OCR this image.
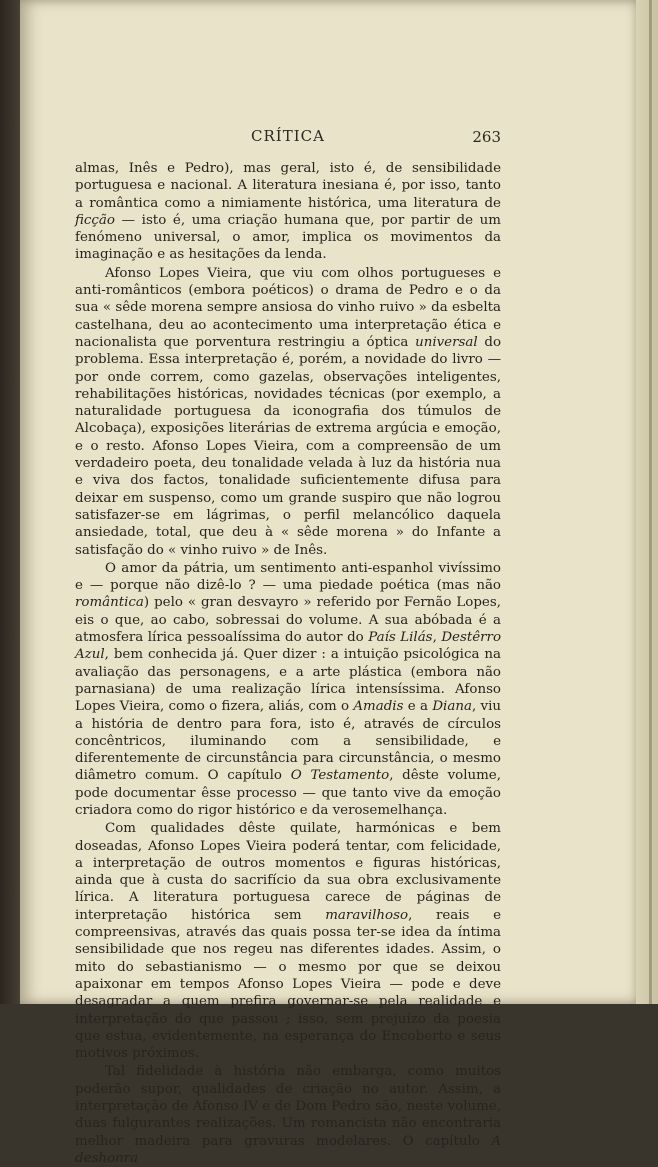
CRÍTICA	263

almas, Inês e Pedro), mas geral, isto é, de sensibilidade portuguesa e nacional. A literatura inesiana é, por isso, tanto a romântica como a nimiamente histórica, uma literatura de ficção — isto é, uma criação humana que, por partir de um fenómeno universal, o amor, implica os movimentos da imaginação e as hesitações da lenda.

Afonso Lopes Vieira, que viu com olhos portugueses e anti-românticos (embora poéticos) o drama de Pedro e o da sua « sêde morena sempre ansiosa do vinho ruivo » da esbelta castelhana, deu ao acontecimento uma interpretação ética e nacionalista que porventura restringiu a óptica universal do problema. Essa interpretação é, porém, a novidade do livro — por onde correm, como gazelas, observações inteligentes, rehabilitações históricas, novidades técnicas (por exemplo, a naturalidade portuguesa da iconografia dos túmulos de Alcobaça), exposições literárias de extrema argúcia e emoção, e o resto. Afonso Lopes Vieira, com a compreensão de um verdadeiro poeta, deu tonalidade velada à luz da história nua e viva dos factos, tonalidade suficientemente difusa para deixar em suspenso, como um grande suspiro que não logrou satisfazer-se em lágrimas, o perfil melancólico daquela ansiedade, total, que deu à « sêde morena » do Infante a satisfação do « vinho ruivo » de Inês.

O amor da pátria, um sentimento anti-espanhol vivíssimo e — porque não dizê-lo ? — uma piedade poética (mas não romântica) pelo « gran desvayro » referido por Fernão Lopes, eis o que, ao cabo, sobressai do volume. A sua abóbada é a atmosfera lírica pessoalíssima do autor do País Lilás, Destêrro Azul, bem conhecida já. Quer dizer : a intuição psicológica na avaliação das personagens, e a arte plástica (embora não parnasiana) de uma realização lírica intensíssima. Afonso Lopes Vieira, como o fizera, aliás, com o Amadis e a Diana, viu a história de dentro para fora, isto é, através de círculos concêntricos, iluminando com a sensibilidade, e diferentemente de circunstância para circunstância, o mesmo diâmetro comum. O capítulo O Testamento, dêste volume, pode documentar êsse processo — que tanto vive da emoção criadora como do rigor histórico e da verosemelhança.

Com qualidades dêste quilate, harmónicas e bem doseadas, Afonso Lopes Vieira poderá tentar, com felicidade, a interpretação de outros momentos e figuras históricas, ainda que à custa do sacrifício da sua obra exclusivamente lírica. A literatura portuguesa carece de páginas de interpretação histórica sem maravilhoso, reais e compreensivas, através das quais possa ter-se idea da íntima sensibilidade que nos regeu nas diferentes idades. Assim, o mito do sebastianismo — o mesmo por que se deixou apaixonar em tempos Afonso Lopes Vieira — pode e deve desagradar a quem prefira governar-se pela realidade e interpretação do que passou ; isso, sem prejuízo da poesia que estua, evidentemente, na esperança do Encoberto e seus motivos próximos.

Tal fidelidade à história não embarga, como muitos poderão supor, qualidades de criação no autor. Assim, a interpretação de Afonso IV e de Dom Pedro são, neste volume, duas fulgurantes realizações. Um romancista não encontraria melhor madeira para gravuras modelares. O capítulo A deshonra
